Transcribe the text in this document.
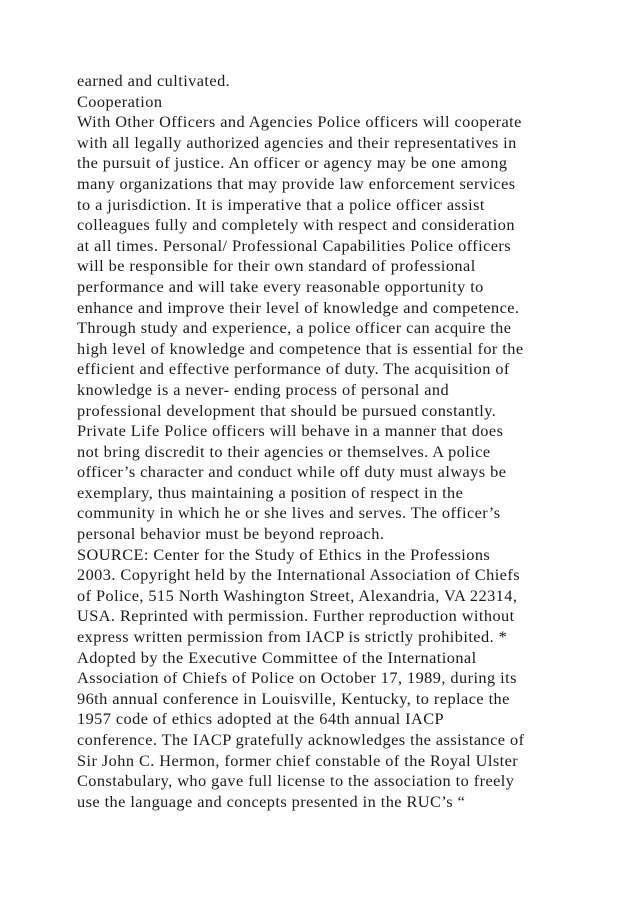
earned and cultivated.
Cooperation
With Other Officers and Agencies Police officers will cooperate
with all legally authorized agencies and their representatives in
the pursuit of justice. An officer or agency may be one among
many organizations that may provide law enforcement services
to a jurisdiction. It is imperative that a police officer assist
colleagues fully and completely with respect and consideration
at all times. Personal/ Professional Capabilities Police officers
will be responsible for their own standard of professional
performance and will take every reasonable opportunity to
enhance and improve their level of knowledge and competence.
Through study and experience, a police officer can acquire the
high level of knowledge and competence that is essential for the
efficient and effective performance of duty. The acquisition of
knowledge is a never- ending process of personal and
professional development that should be pursued constantly.
Private Life Police officers will behave in a manner that does
not bring discredit to their agencies or themselves. A police
officer’s character and conduct while off duty must always be
exemplary, thus maintaining a position of respect in the
community in which he or she lives and serves. The officer’s
personal behavior must be beyond reproach.
SOURCE: Center for the Study of Ethics in the Professions
2003. Copyright held by the International Association of Chiefs
of Police, 515 North Washington Street, Alexandria, VA 22314,
USA. Reprinted with permission. Further reproduction without
express written permission from IACP is strictly prohibited. *
Adopted by the Executive Committee of the International
Association of Chiefs of Police on October 17, 1989, during its
96th annual conference in Louisville, Kentucky, to replace the
1957 code of ethics adopted at the 64th annual IACP
conference. The IACP gratefully acknowledges the assistance of
Sir John C. Hermon, former chief constable of the Royal Ulster
Constabulary, who gave full license to the association to freely
use the language and concepts presented in the RUC’s “
